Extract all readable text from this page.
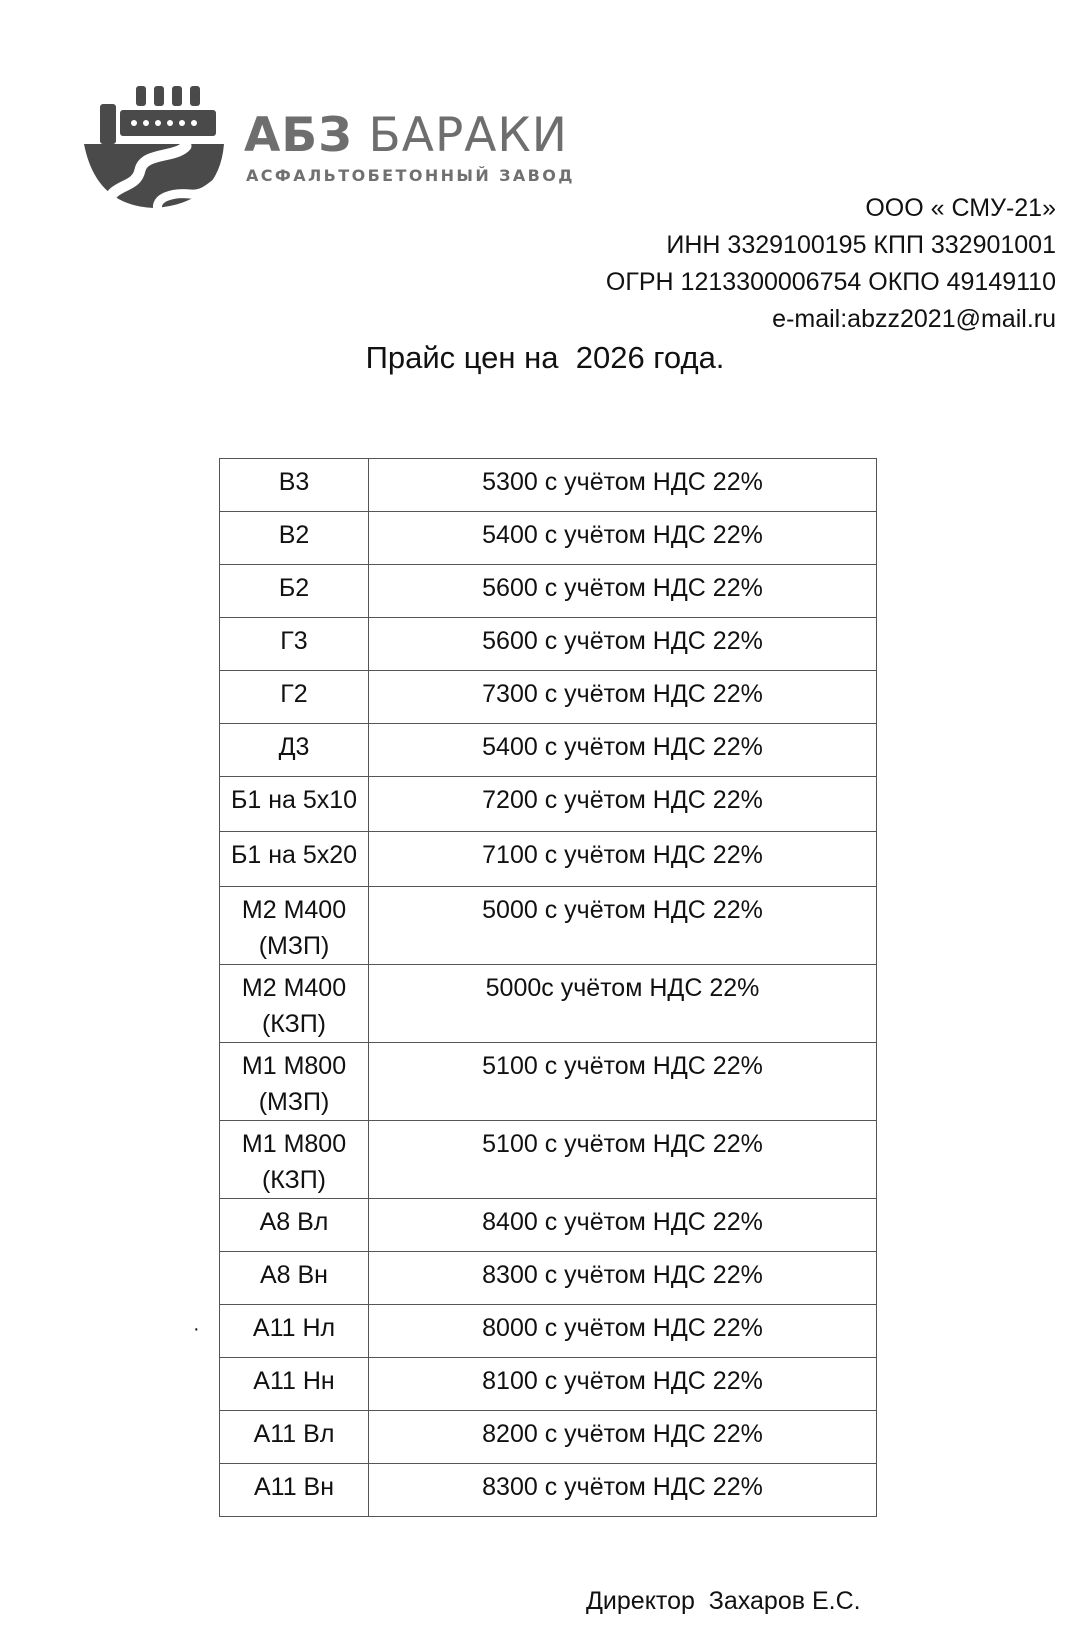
АБЗ БАРАКИ
АСФАЛЬТОБЕТОННЫЙ ЗАВОД
ООО « СМУ-21»
ИНН 3329100195 КПП 332901001
ОГРН 1213300006754 ОКПО 49149110
e-mail:abzz2021@mail.ru
Прайс цен на  2026 года.
В3	5300 с учётом НДС 22%
В2	5400 с учётом НДС 22%
Б2	5600 с учётом НДС 22%
Г3	5600 с учётом НДС 22%
Г2	7300 с учётом НДС 22%
Д3	5400 с учётом НДС 22%
Б1 на 5х10	7200 с учётом НДС 22%
Б1 на 5х20	7100 с учётом НДС 22%
М2 М400 (МЗП)	5000 с учётом НДС 22%
М2 М400 (КЗП)	5000с учётом НДС 22%
М1 М800 (МЗП)	5100 с учётом НДС 22%
М1 М800 (КЗП)	5100 с учётом НДС 22%
А8 Вл	8400 с учётом НДС 22%
А8 Вн	8300 с учётом НДС 22%
А11 Нл	8000 с учётом НДС 22%
А11 Нн	8100 с учётом НДС 22%
А11 Вл	8200 с учётом НДС 22%
А11 Вн	8300 с учётом НДС 22%
·
Директор  Захаров Е.С.
